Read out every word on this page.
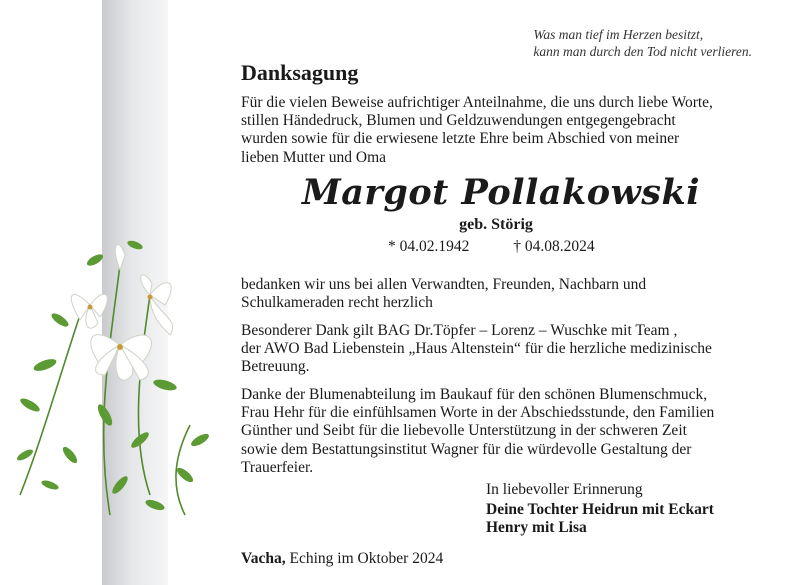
Was man tief im Herzen besitzt,
kann man durch den Tod nicht verlieren.
Danksagung
Für die vielen Beweise aufrichtiger Anteilnahme, die uns durch liebe Worte,
stillen Händedruck, Blumen und Geldzuwendungen entgegengebracht
wurden sowie für die erwiesene letzte Ehre beim Abschied von meiner
lieben Mutter und Oma
Margot Pollakowski
geb. Störig
* 04.02.1942	† 04.08.2024
bedanken wir uns bei allen Verwandten, Freunden, Nachbarn und
Schulkameraden recht herzlich
Besonderer Dank gilt BAG Dr.Töpfer – Lorenz – Wuschke mit Team ,
der AWO Bad Liebenstein „Haus Altenstein“ für die herzliche medizinische
Betreuung.
Danke der Blumenabteilung im Baukauf für den schönen Blumenschmuck,
Frau Hehr für die einfühlsamen Worte in der Abschiedsstunde, den Familien
Günther und Seibt für die liebevolle Unterstützung in der schweren Zeit
sowie dem Bestattungsinstitut Wagner für die würdevolle Gestaltung der
Trauerfeier.
In liebevoller Erinnerung
Deine Tochter Heidrun mit Eckart
Henry mit Lisa
Vacha, Eching im Oktober 2024
